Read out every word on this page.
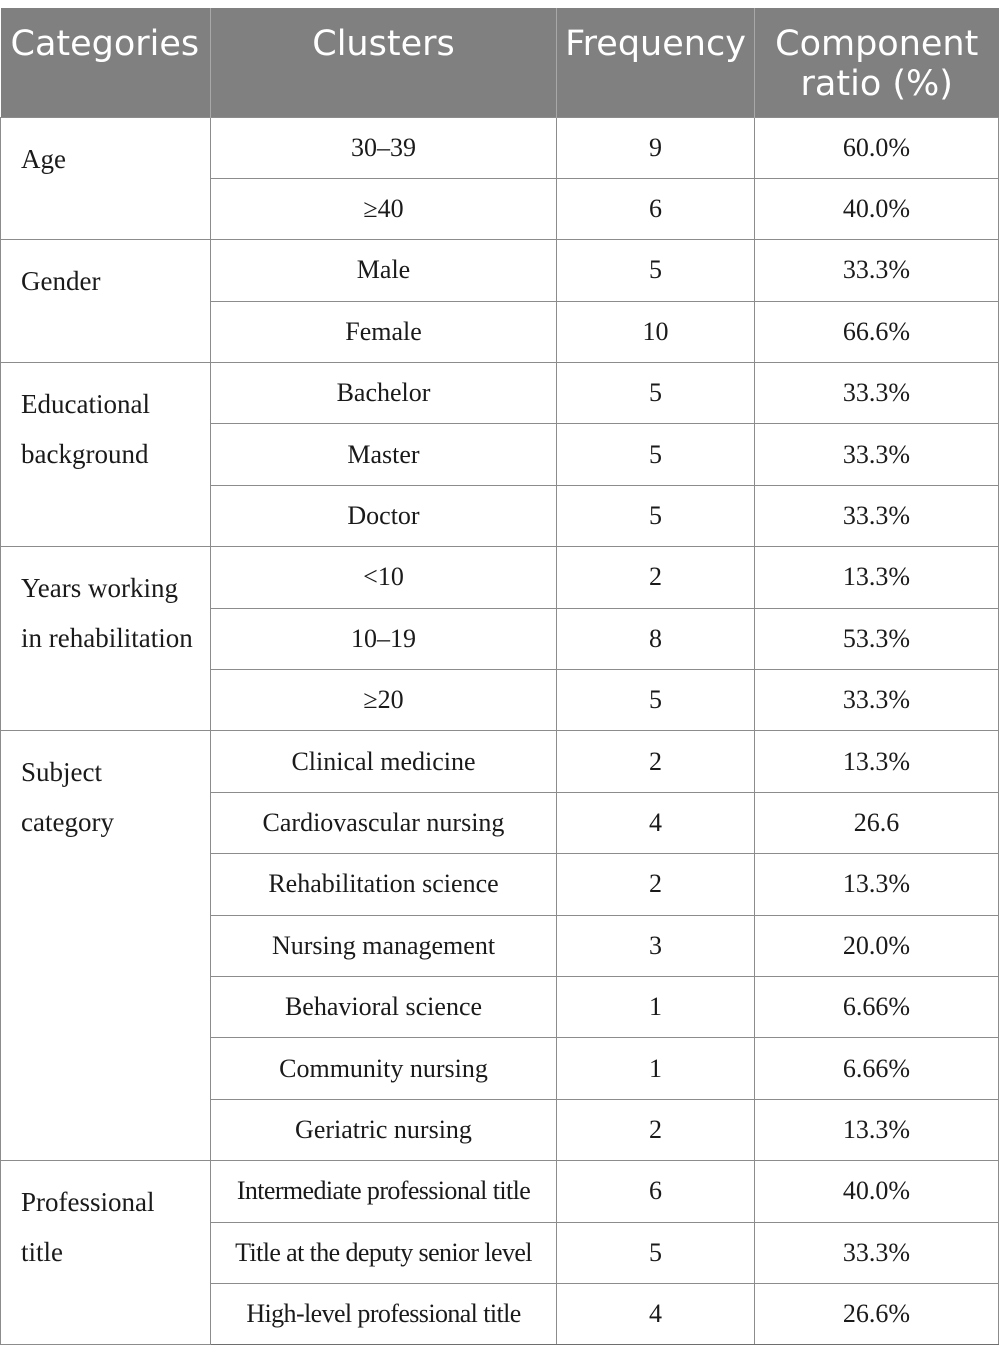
Categories	Clusters	Frequency	Component ratio (%)
Age	30–39	9	60.0%
	≥40	6	40.0%
Gender	Male	5	33.3%
	Female	10	66.6%
Educational background	Bachelor	5	33.3%
	Master	5	33.3%
	Doctor	5	33.3%
Years working in rehabilitation	<10	2	13.3%
	10–19	8	53.3%
	≥20	5	33.3%
Subject category	Clinical medicine	2	13.3%
	Cardiovascular nursing	4	26.6
	Rehabilitation science	2	13.3%
	Nursing management	3	20.0%
	Behavioral science	1	6.66%
	Community nursing	1	6.66%
	Geriatric nursing	2	13.3%
Professional title	Intermediate professional title	6	40.0%
	Title at the deputy senior level	5	33.3%
	High-level professional title	4	26.6%
